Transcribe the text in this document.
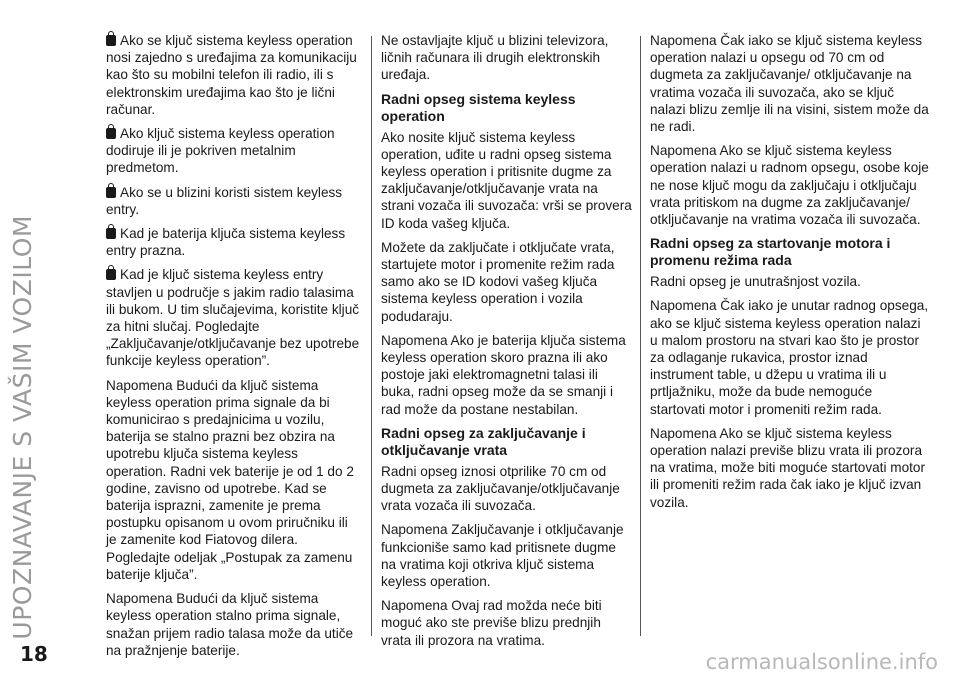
UPOZNAVANJE S VAŠIM VOZILOM
18

Ako se ključ sistema keyless operation nosi zajedno s uređajima za komunikaciju kao što su mobilni telefon ili radio, ili s elektronskim uređajima kao što je lični računar.

Ako ključ sistema keyless operation dodiruje ili je pokriven metalnim predmetom.

Ako se u blizini koristi sistem keyless entry.

Kad je baterija ključa sistema keyless entry prazna.

Kad je ključ sistema keyless entry stavljen u područje s jakim radio talasima ili bukom. U tim slučajevima, koristite ključ za hitni slučaj. Pogledajte „Zaključavanje/otključavanje bez upotrebe funkcije keyless operation”.

Napomena Budući da ključ sistema keyless operation prima signale da bi komunicirao s predajnicima u vozilu, baterija se stalno prazni bez obzira na upotrebu ključa sistema keyless operation. Radni vek baterije je od 1 do 2 godine, zavisno od upotrebe. Kad se baterija isprazni, zamenite je prema postupku opisanom u ovom priručniku ili je zamenite kod Fiatovog dilera. Pogledajte odeljak „Postupak za zamenu baterije ključa”.

Napomena Budući da ključ sistema keyless operation stalno prima signale, snažan prijem radio talasa može da utiče na pražnjenje baterije.

Ne ostavljajte ključ u blizini televizora, ličnih računara ili drugih elektronskih uređaja.

Radni opseg sistema keyless operation

Ako nosite ključ sistema keyless operation, uđite u radni opseg sistema keyless operation i pritisnite dugme za zaključavanje/otključavanje vrata na strani vozača ili suvozača: vrši se provera ID koda vašeg ključa.

Možete da zaključate i otključate vrata, startujete motor i promenite režim rada samo ako se ID kodovi vašeg ključa sistema keyless operation i vozila podudaraju.

Napomena Ako je baterija ključa sistema keyless operation skoro prazna ili ako postoje jaki elektromagnetni talasi ili buka, radni opseg može da se smanji i rad može da postane nestabilan.

Radni opseg za zaključavanje i otključavanje vrata

Radni opseg iznosi otprilike 70 cm od dugmeta za zaključavanje/otključavanje vrata vozača ili suvozača.

Napomena Zaključavanje i otključavanje funkcioniše samo kad pritisnete dugme na vratima koji otkriva ključ sistema keyless operation.

Napomena Ovaj rad možda neće biti moguć ako ste previše blizu prednjih vrata ili prozora na vratima.

Napomena Čak iako se ključ sistema keyless operation nalazi u opsegu od 70 cm od dugmeta za zaključavanje/ otključavanje na vratima vozača ili suvozača, ako se ključ nalazi blizu zemlje ili na visini, sistem može da ne radi.

Napomena Ako se ključ sistema keyless operation nalazi u radnom opsegu, osobe koje ne nose ključ mogu da zaključaju i otključaju vrata pritiskom na dugme za zaključavanje/ otključavanje na vratima vozača ili suvozača.

Radni opseg za startovanje motora i promenu režima rada

Radni opseg je unutrašnjost vozila.

Napomena Čak iako je unutar radnog opsega, ako se ključ sistema keyless operation nalazi u malom prostoru na stvari kao što je prostor za odlaganje rukavica, prostor iznad instrument table, u džepu u vratima ili u prtljažniku, može da bude nemoguće startovati motor i promeniti režim rada.

Napomena Ako se ključ sistema keyless operation nalazi previše blizu vrata ili prozora na vratima, može biti moguće startovati motor ili promeniti režim rada čak iako je ključ izvan vozila.

carmanualsonline.info
